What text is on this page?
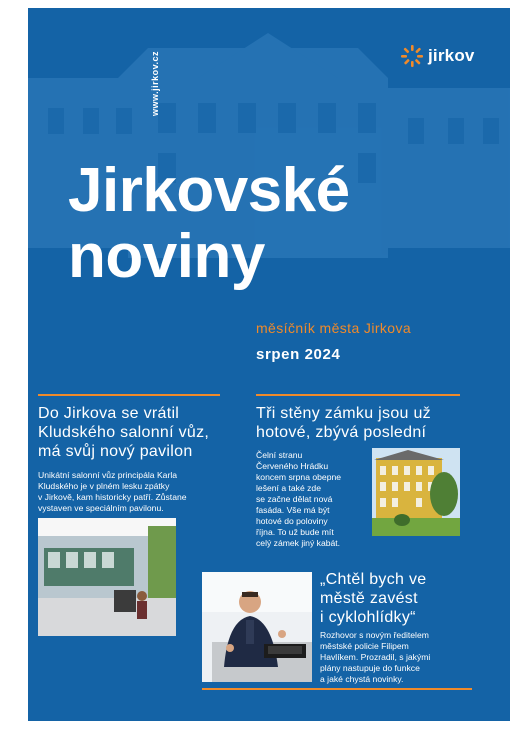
www.jirkov.cz	jirkov
Jirkovské
noviny
měsíčník města Jirkova
srpen 2024
Do Jirkova se vrátil
Kludského salonní vůz,
má svůj nový pavilon
Unikátní salonní vůz principála Karla
Kludského je v plném lesku zpátky
v Jirkově, kam historicky patří. Zůstane
vystaven ve speciálním pavilonu.
Tři stěny zámku jsou už
hotové, zbývá poslední
Čelní stranu
Červeného Hrádku
koncem srpna obepne
lešení a také zde
se začne dělat nová
fasáda. Vše má být
hotové do poloviny
října. To už bude mít
celý zámek jiný kabát.
„Chtěl bych ve
městě zavést
i cyklohlídky“
Rozhovor s novým ředitelem
městské policie Filipem
Havlíkem. Prozradil, s jakými
plány nastupuje do funkce
a jaké chystá novinky.
